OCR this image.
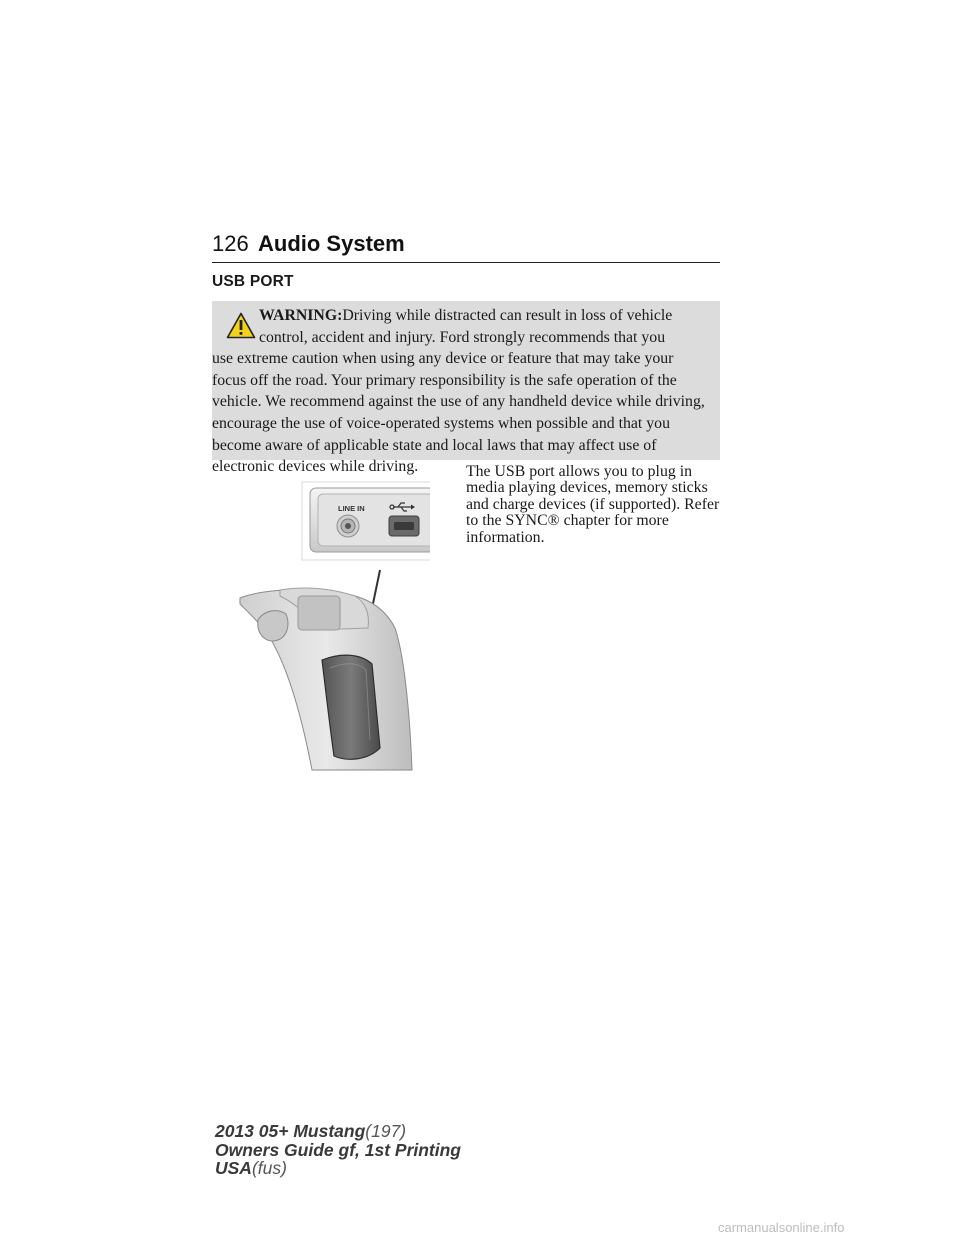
126 Audio System
USB PORT
WARNING:Driving while distracted can result in loss of vehicle
control, accident and injury. Ford strongly recommends that you
use extreme caution when using any device or feature that may take your focus off the road. Your primary responsibility is the safe operation of the vehicle. We recommend against the use of any handheld device while driving, encourage the use of voice-operated systems when possible and that you become aware of applicable state and local laws that may affect use of electronic devices while driving.	The USB port allows you to plug in media playing devices, memory sticks and charge devices (if supported). Refer to the SYNC® chapter for more information.
LINE IN
2013 05+ Mustang(197)
Owners Guide gf, 1st Printing
USA(fus)
carmanualsonline.info
